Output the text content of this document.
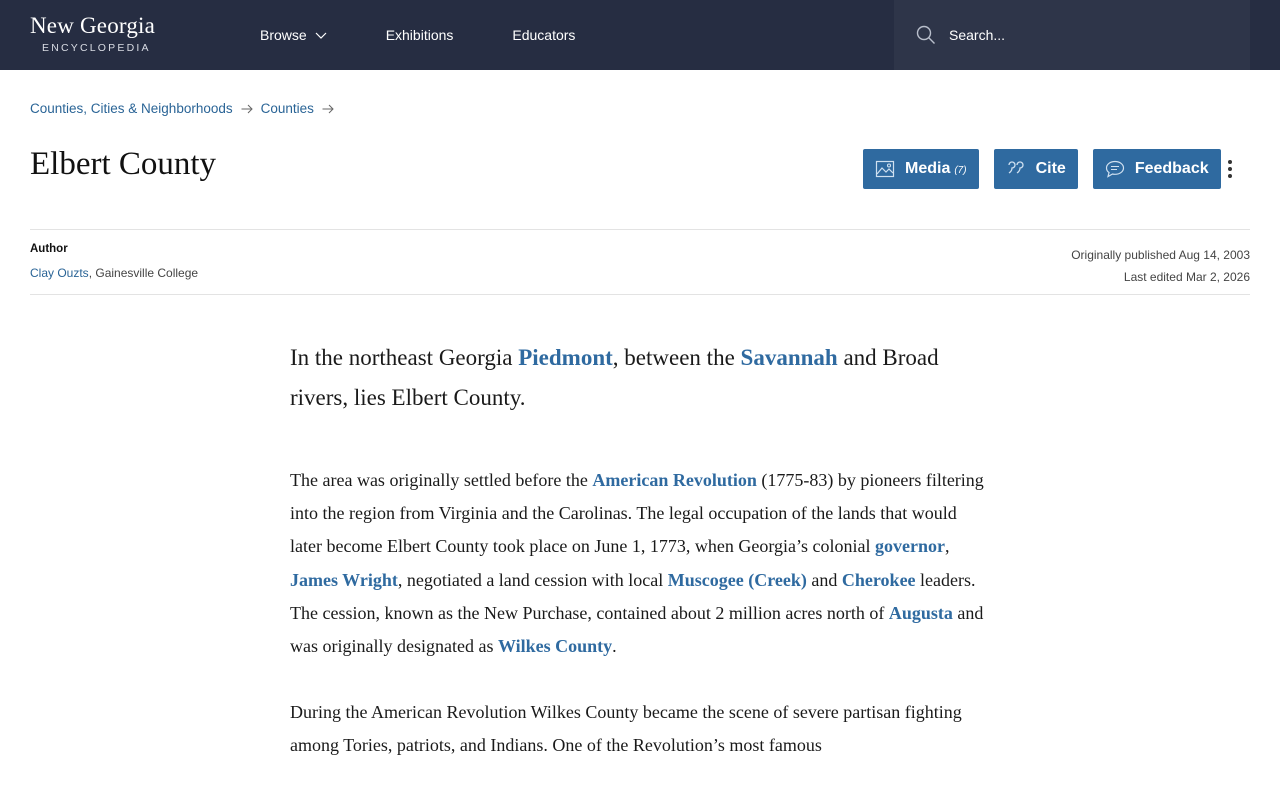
New Georgia
ENCYCLOPEDIA
Browse	Exhibitions	Educators
Search...
Counties, Cities & Neighborhoods Counties
Elbert County	Media (7)	Cite	Feedback
Author
Clay Ouzts, Gainesville College
Originally published Aug 14, 2003
Last edited Mar 2, 2026

In the northeast Georgia Piedmont, between the Savannah and Broad rivers, lies Elbert County.

The area was originally settled before the American Revolution (1775-83) by pioneers filtering into the region from Virginia and the Carolinas. The legal occupation of the lands that would later become Elbert County took place on June 1, 1773, when Georgia’s colonial governor, James Wright, negotiated a land cession with local Muscogee (Creek) and Cherokee leaders. The cession, known as the New Purchase, contained about 2 million acres north of Augusta and was originally designated as Wilkes County.

During the American Revolution Wilkes County became the scene of severe partisan fighting among Tories, patriots, and Indians. One of the Revolution’s most famous
